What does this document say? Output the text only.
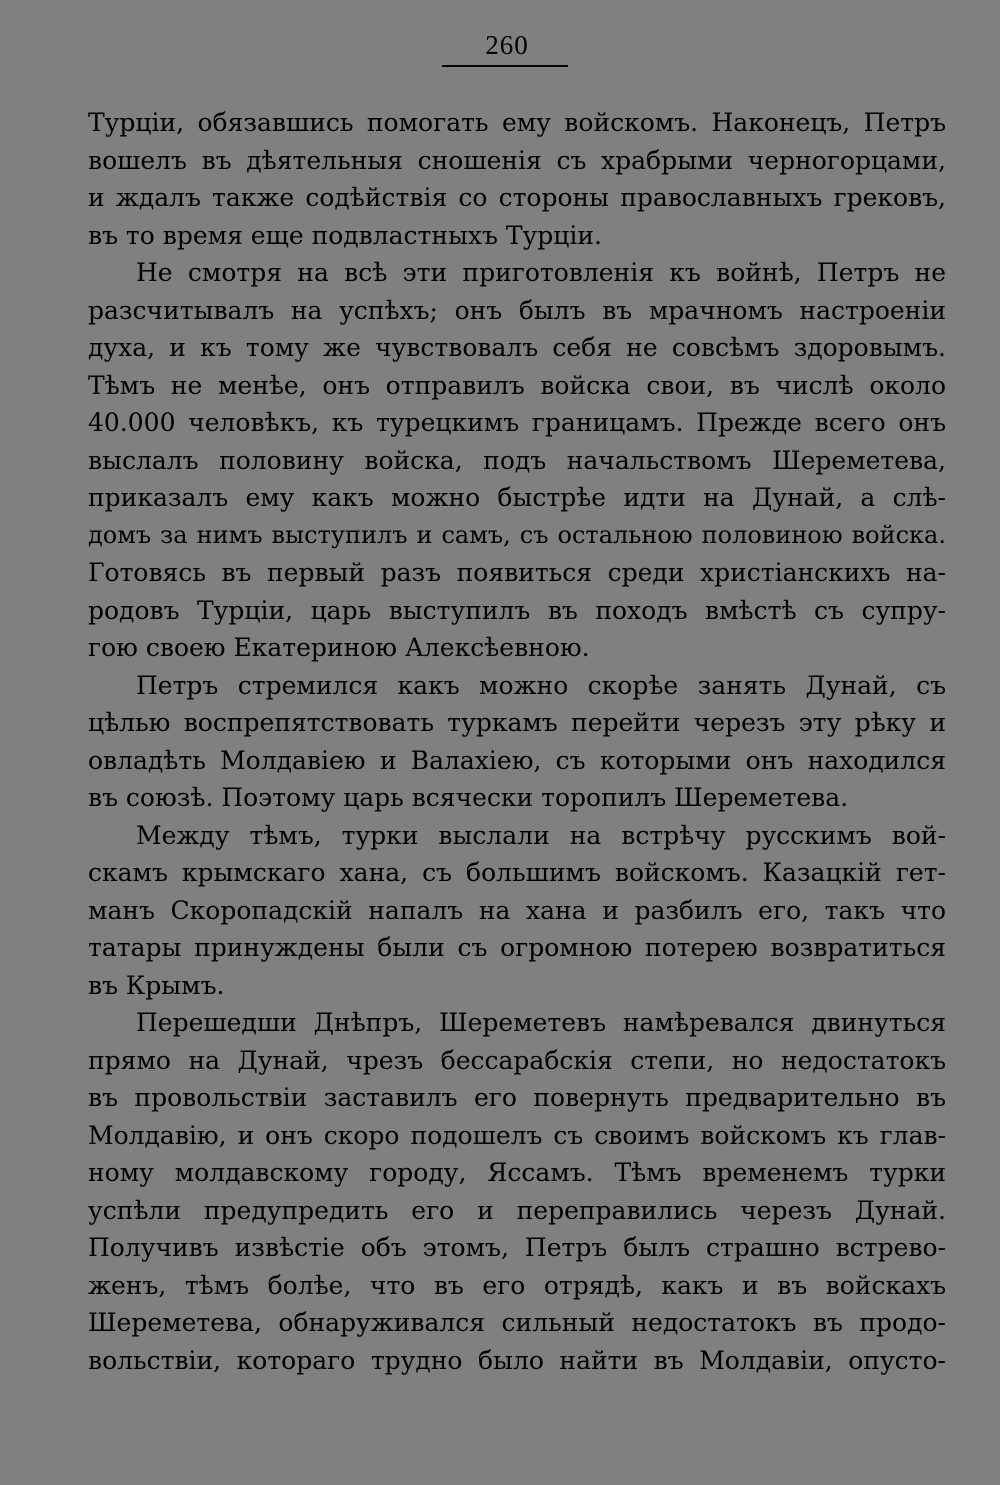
260
Турціи, обязавшись помогать ему войскомъ. Наконецъ, Петръ
вошелъ въ дѣятельныя сношенія съ храбрыми черногорцами,
и ждалъ также содѣйствія со стороны православныхъ грековъ,
въ то время еще подвластныхъ Турціи.
Не смотря на всѣ эти приготовленія къ войнѣ, Петръ не
разсчитывалъ на успѣхъ; онъ былъ въ мрачномъ настроеніи
духа, и къ тому же чувствовалъ себя не совсѣмъ здоровымъ.
Тѣмъ не менѣе, онъ отправилъ войска свои, въ числѣ около
40.000 человѣкъ, къ турецкимъ границамъ. Прежде всего онъ
выслалъ половину войска, подъ начальствомъ Шереметева,
приказалъ ему какъ можно быстрѣе идти на Дунай, а слѣ-
домъ за нимъ выступилъ и самъ, съ остальною половиною войска.
Готовясь въ первый разъ появиться среди христіанскихъ на-
родовъ Турціи, царь выступилъ въ походъ вмѣстѣ съ супру-
гою своею Екатериною Алексѣевною.
Петръ стремился какъ можно скорѣе занять Дунай, съ
цѣлью воспрепятствовать туркамъ перейти черезъ эту рѣку и
овладѣть Молдавіею и Валахіею, съ которыми онъ находился
въ союзѣ. Поэтому царь всячески торопилъ Шереметева.
Между тѣмъ, турки выслали на встрѣчу русскимъ вой-
скамъ крымскаго хана, съ большимъ войскомъ. Казацкій гет-
манъ Скоропадскій напалъ на хана и разбилъ его, такъ что
татары принуждены были съ огромною потерею возвратиться
въ Крымъ.
Перешедши Днѣпръ, Шереметевъ намѣревался двинуться
прямо на Дунай, чрезъ бессарабскія степи, но недостатокъ
въ провольствіи заставилъ его повернуть предварительно въ
Молдавію, и онъ скоро подошелъ съ своимъ войскомъ къ глав-
ному молдавскому городу, Яссамъ. Тѣмъ временемъ турки
успѣли предупредить его и переправились черезъ Дунай.
Получивъ извѣстіе объ этомъ, Петръ былъ страшно встрево-
женъ, тѣмъ болѣе, что въ его отрядѣ, какъ и въ войскахъ
Шереметева, обнаруживался сильный недостатокъ въ продо-
вольствіи, котораго трудно было найти въ Молдавіи, опусто-
